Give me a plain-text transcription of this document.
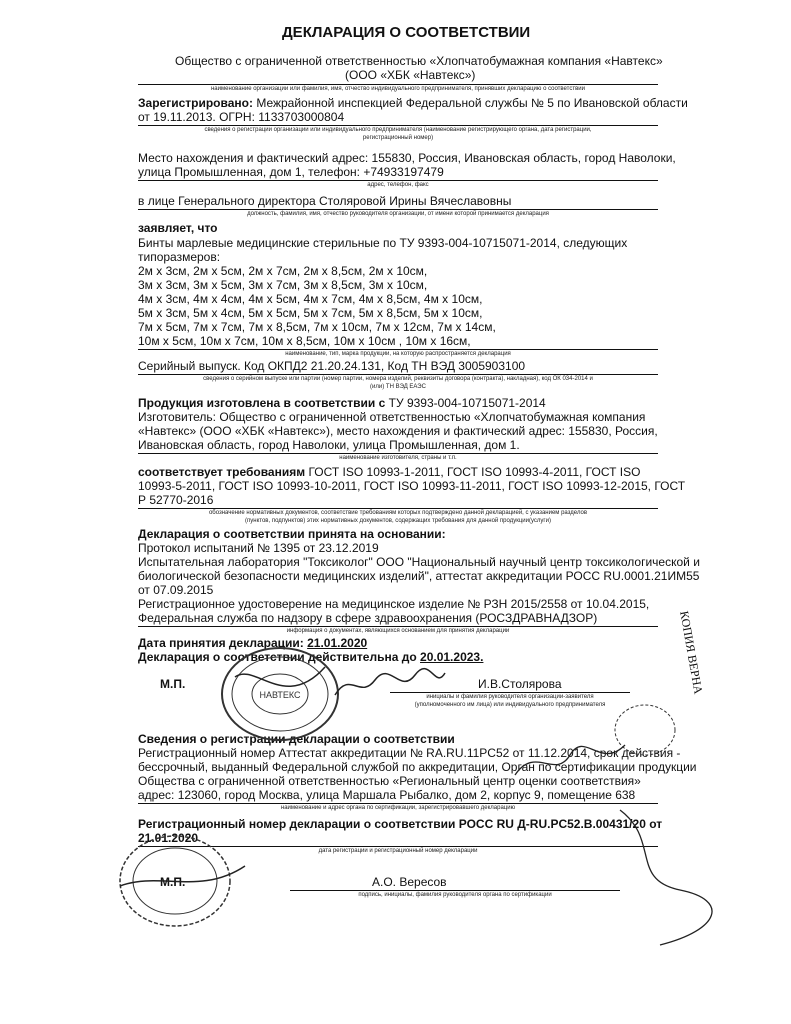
ДЕКЛАРАЦИЯ О СООТВЕТСТВИИ
Общество с ограниченной ответственностью «Хлопчатобумажная компания «Навтекс»
(ООО «ХБК «Навтекс»)
наименование организации или фамилия, имя, отчество индивидуального предпринимателя, принявших декларацию о соответствии
Зарегистрировано: Межрайонной инспекцией Федеральной службы № 5 по Ивановской области
от 19.11.2013. ОГРН: 1133703000804
сведения о регистрации организации или индивидуального предпринимателя (наименование регистрирующего органа, дата регистрации,
регистрационный номер)
Место нахождения и фактический адрес: 155830, Россия, Ивановская область, город Наволоки,
улица Промышленная, дом 1, телефон: +74933197479
адрес, телефон, факс
в лице Генерального директора Столяровой Ирины Вячеславовны
должность, фамилия, имя, отчество руководителя организации, от имени которой принимается декларация
заявляет, что
Бинты марлевые медицинские стерильные по ТУ 9393-004-10715071-2014, следующих
типоразмеров:
2м x 3см, 2м x 5см, 2м x 7см, 2м x 8,5см, 2м x 10см,
3м x 3см, 3м x 5см, 3м x 7см, 3м x 8,5см, 3м x 10см,
4м x 3см, 4м x 4см, 4м x 5см, 4м x 7см, 4м x 8,5см, 4м x 10см,
5м x 3см, 5м x 4см, 5м x 5см, 5м x 7см, 5м x 8,5см, 5м x 10см,
7м x 5см, 7м x 7см, 7м x 8,5см, 7м x 10см, 7м x 12см, 7м x 14см,
10м x 5см, 10м x 7см, 10м x 8,5см, 10м x 10см , 10м x 16см,
наименование, тип, марка продукции, на которую распространяется декларация
Серийный выпуск. Код ОКПД2 21.20.24.131, Код ТН ВЭД 3005903100
сведения о серийном выпуске или партии (номер партии, номера изделий, реквизиты договора (контракта), накладная), код ОК 034-2014 и
(или) ТН ВЭД ЕАЭС
Продукция изготовлена в соответствии с ТУ 9393-004-10715071-2014
Изготовитель: Общество с ограниченной ответственностью «Хлопчатобумажная компания
«Навтекс» (ООО «ХБК «Навтекс»), место нахождения и фактический адрес: 155830, Россия,
Ивановская область, город Наволоки, улица Промышленная, дом 1.
наименование изготовителя, страны и т.п.
соответствует требованиям ГОСТ ISO 10993-1-2011, ГОСТ ISO 10993-4-2011, ГОСТ ISO
10993-5-2011, ГОСТ ISO 10993-10-2011, ГОСТ ISO 10993-11-2011, ГОСТ ISO 10993-12-2015, ГОСТ
Р 52770-2016
обозначение нормативных документов, соответствие требованиям которых подтверждено данной декларацией, с указанием разделов
(пунктов, подпунктов) этих нормативных документов, содержащих требования для данной продукции(услуги)
Декларация о соответствии принята на основании:
Протокол испытаний № 1395 от 23.12.2019
Испытательная лаборатория "Токсиколог" ООО "Национальный научный центр токсикологической и
биологической безопасности медицинских изделий", аттестат аккредитации РОСС RU.0001.21ИМ55
от 07.09.2015
Регистрационное удостоверение на медицинское изделие № РЗН 2015/2558 от 10.04.2015,
Федеральная служба по надзору в сфере здравоохранения (РОСЗДРАВНАДЗОР)
информация о документах, являющихся основанием для принятия декларации
Дата принятия декларации: 21.01.2020
Декларация о соответствии действительна до 20.01.2023.
М.П.	И.В.Столярова
инициалы и фамилия руководителя организации-заявителя
(уполномоченного им лица) или индивидуального предпринимателя
Сведения о регистрации декларации о соответствии
Регистрационный номер Аттестат аккредитации № RA.RU.11PC52 от 11.12.2014, срок действия -
бессрочный, выданный Федеральной службой по аккредитации, Орган по сертификации продукции
Общества с ограниченной ответственностью «Региональный центр оценки соответствия»
адрес: 123060, город Москва, улица Маршала Рыбалко, дом 2, корпус 9, помещение 638
наименование и адрес органа по сертификации, зарегистрировавшего декларацию
Регистрационный номер декларации о соответствии РОСС RU Д-RU.PC52.B.00431/20 от
21.01.2020
дата регистрации и регистрационный номер декларации
М.П.	А.О. Вересов
подпись, инициалы, фамилия руководителя органа по сертификации
НАВТЕКС	КОПИЯ ВЕРНА
